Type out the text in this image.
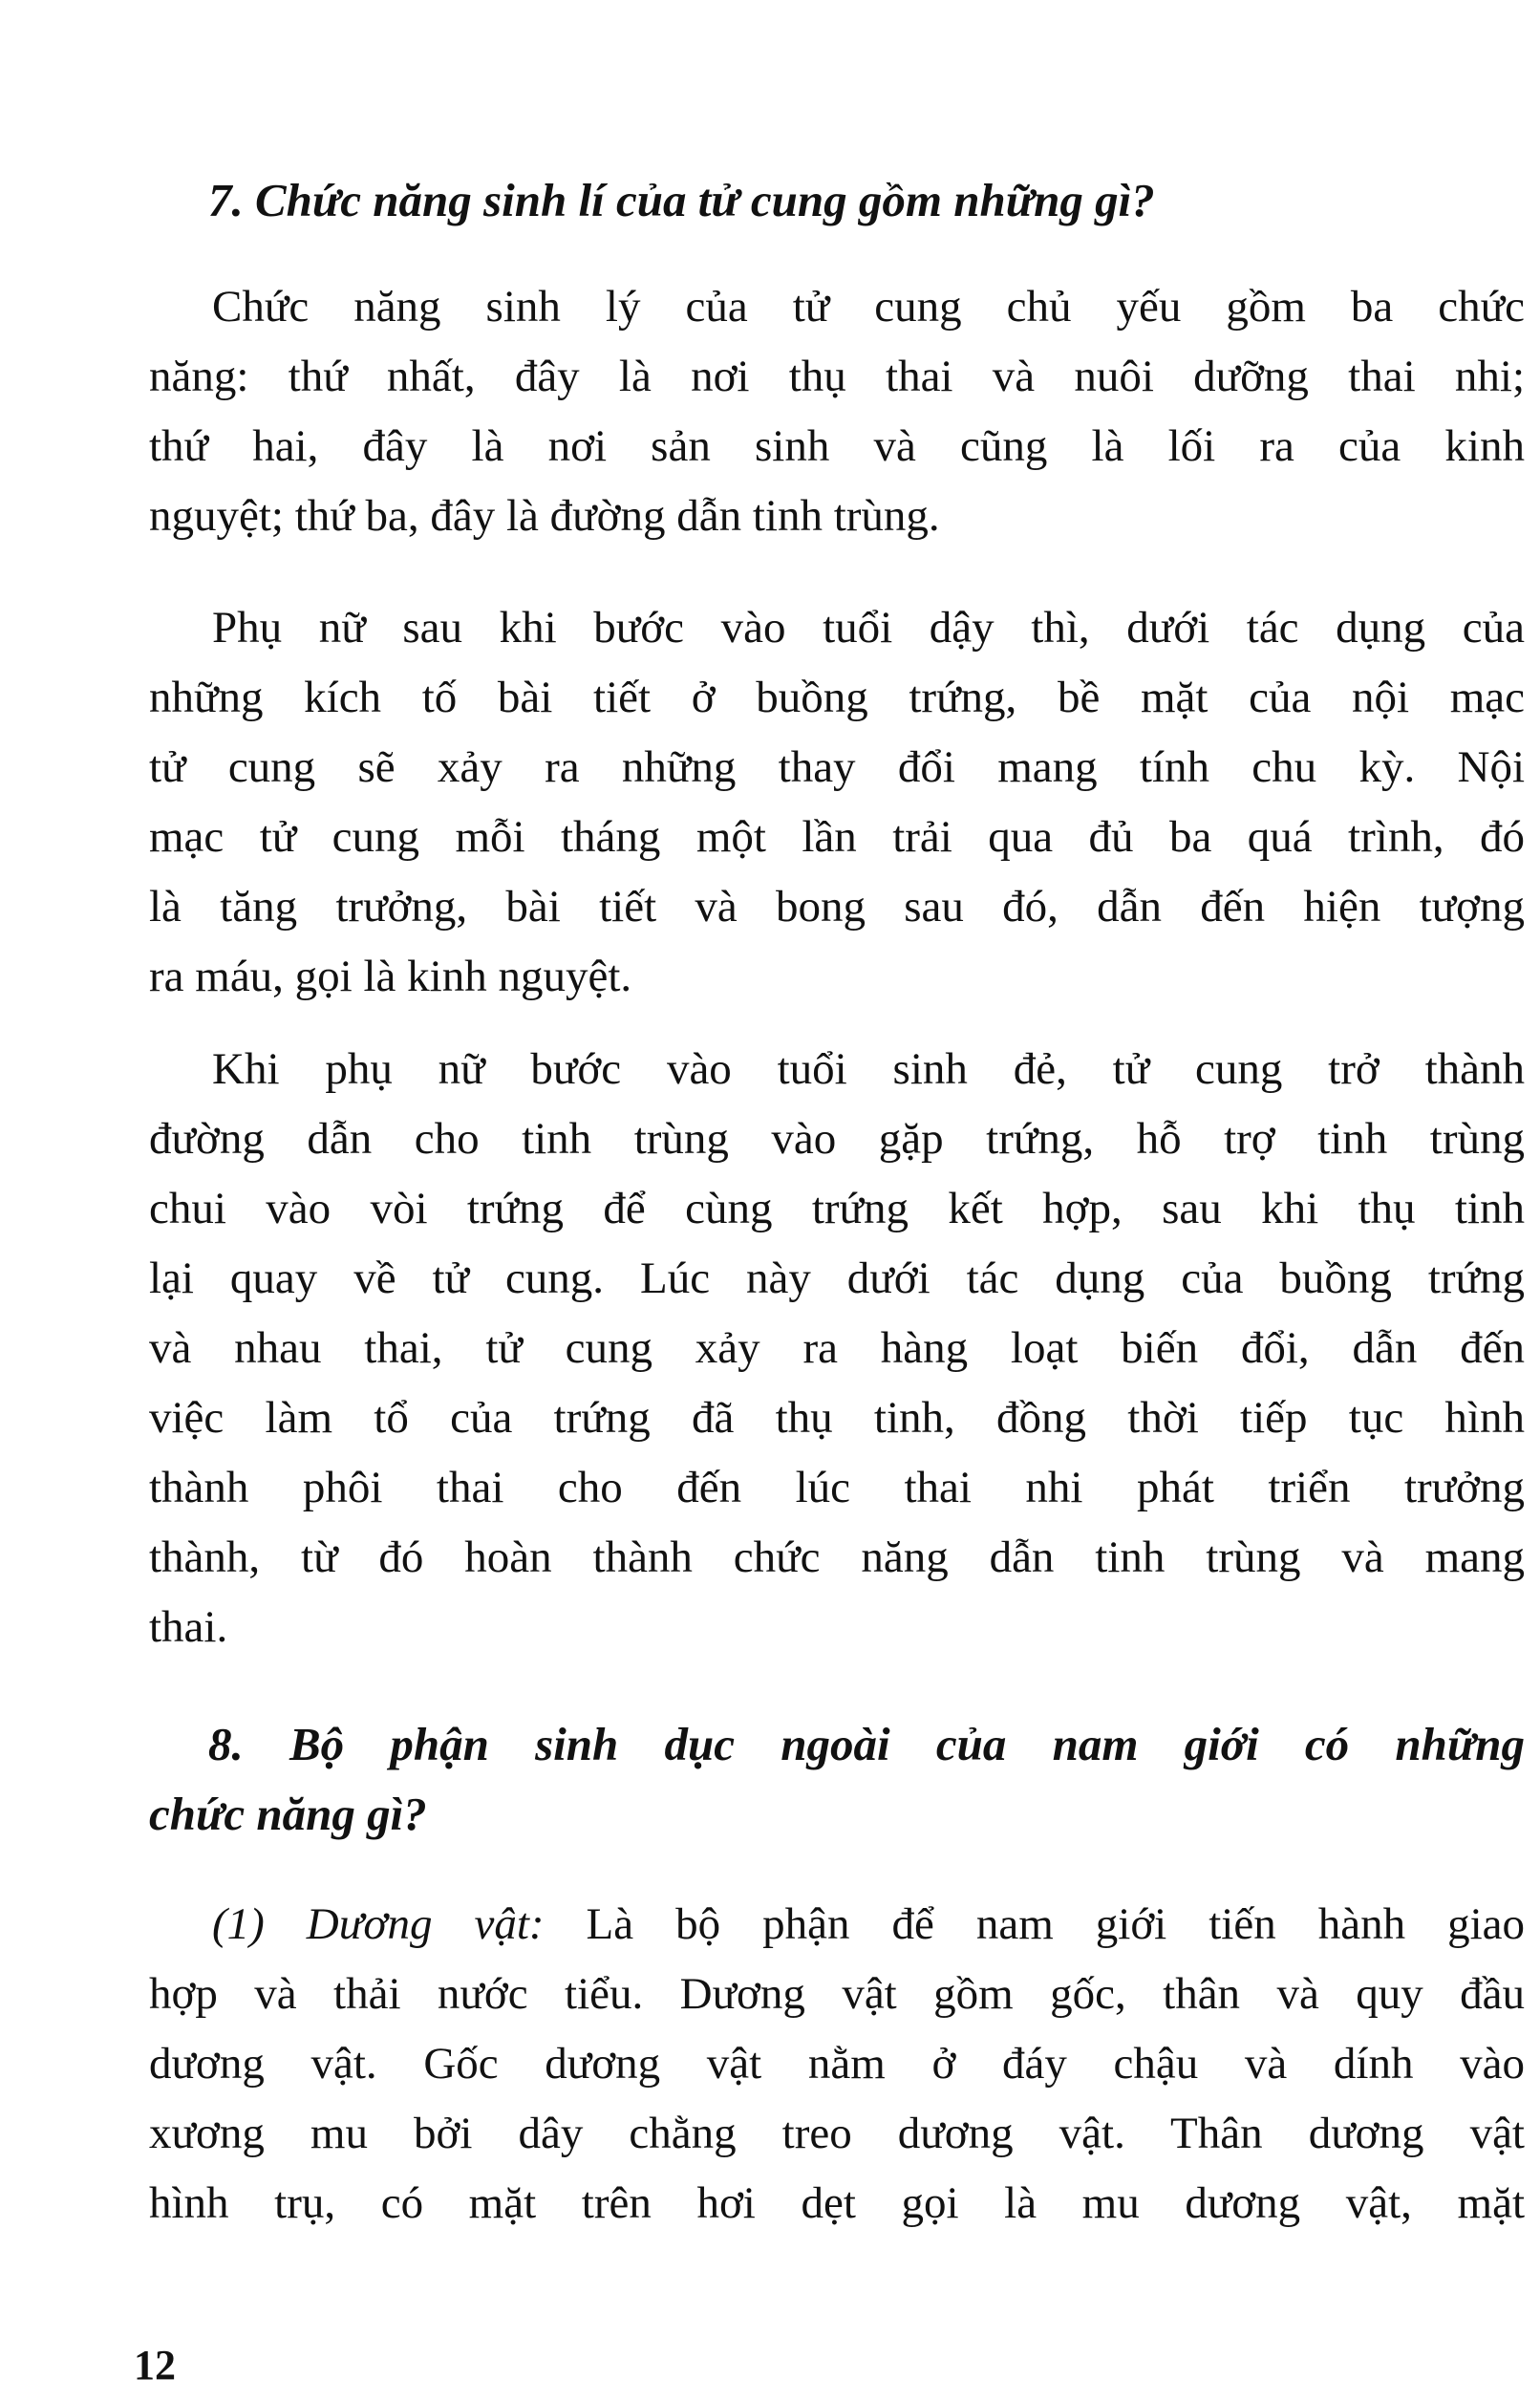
7. Chức năng sinh lí của tử cung gồm những gì?
Chức năng sinh lý của tử cung chủ yếu gồm ba chức
năng: thứ nhất, đây là nơi thụ thai và nuôi dưỡng thai nhi;
thứ hai, đây là nơi sản sinh và cũng là lối ra của kinh
nguyệt; thứ ba, đây là đường dẫn tinh trùng.
Phụ nữ sau khi bước vào tuổi dậy thì, dưới tác dụng của
những kích tố bài tiết ở buồng trứng, bề mặt của nội mạc
tử cung sẽ xảy ra những thay đổi mang tính chu kỳ. Nội
mạc tử cung mỗi tháng một lần trải qua đủ ba quá trình, đó
là tăng trưởng, bài tiết và bong sau đó, dẫn đến hiện tượng
ra máu, gọi là kinh nguyệt.
Khi phụ nữ bước vào tuổi sinh đẻ, tử cung trở thành
đường dẫn cho tinh trùng vào gặp trứng, hỗ trợ tinh trùng
chui vào vòi trứng để cùng trứng kết hợp, sau khi thụ tinh
lại quay về tử cung. Lúc này dưới tác dụng của buồng trứng
và nhau thai, tử cung xảy ra hàng loạt biến đổi, dẫn đến
việc làm tổ của trứng đã thụ tinh, đồng thời tiếp tục hình
thành phôi thai cho đến lúc thai nhi phát triển trưởng
thành, từ đó hoàn thành chức năng dẫn tinh trùng và mang
thai.
8. Bộ phận sinh dục ngoài của nam giới có những
chức năng gì?
(1) Dương vật: Là bộ phận để nam giới tiến hành giao
hợp và thải nước tiểu. Dương vật gồm gốc, thân và quy đầu
dương vật. Gốc dương vật nằm ở đáy chậu và dính vào
xương mu bởi dây chằng treo dương vật. Thân dương vật
hình trụ, có mặt trên hơi dẹt gọi là mu dương vật, mặt
12
